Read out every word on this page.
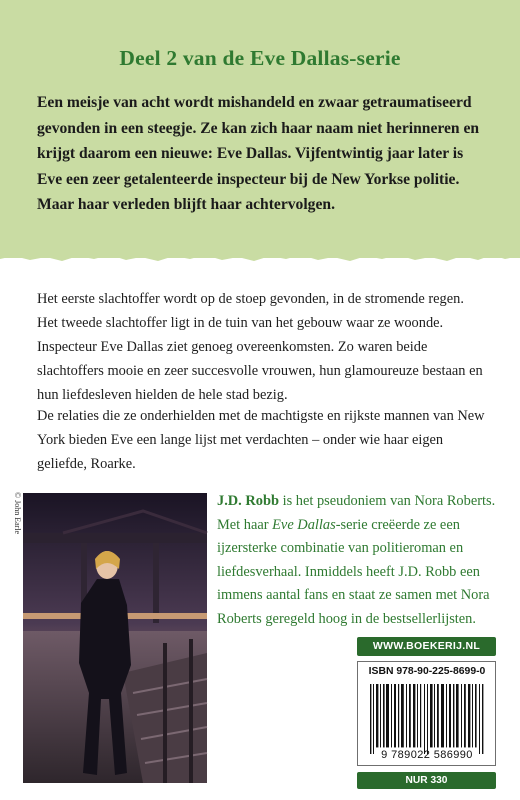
Deel 2 van de Eve Dallas-serie
Een meisje van acht wordt mishandeld en zwaar getraumatiseerd gevonden in een steegje. Ze kan zich haar naam niet herinneren en krijgt daarom een nieuwe: Eve Dallas. Vijfentwintig jaar later is Eve een zeer getalenteerde inspecteur bij de New Yorkse politie. Maar haar verleden blijft haar achtervolgen.
Het eerste slachtoffer wordt op de stoep gevonden, in de stromende regen. Het tweede slachtoffer ligt in de tuin van het gebouw waar ze woonde. Inspecteur Eve Dallas ziet genoeg overeenkomsten. Zo waren beide slachtoffers mooie en zeer succesvolle vrouwen, hun glamoureuze bestaan en hun liefdesleven hielden de hele stad bezig.
De relaties die ze onderhielden met de machtigste en rijkste mannen van New York bieden Eve een lange lijst met verdachten – onder wie haar eigen geliefde, Roarke.
© John Earle	J.D. Robb is het pseudoniem van Nora Roberts. Met haar Eve Dallas-serie creëerde ze een ijzersterke combinatie van politieroman en liefdesverhaal. Inmiddels heeft J.D. Robb een immens aantal fans en staat ze samen met Nora Roberts geregeld hoog in de bestsellerlijsten.
WWW.BOEKERIJ.NL
ISBN 978-90-225-8699-0
9 789022 586990
NUR 330
